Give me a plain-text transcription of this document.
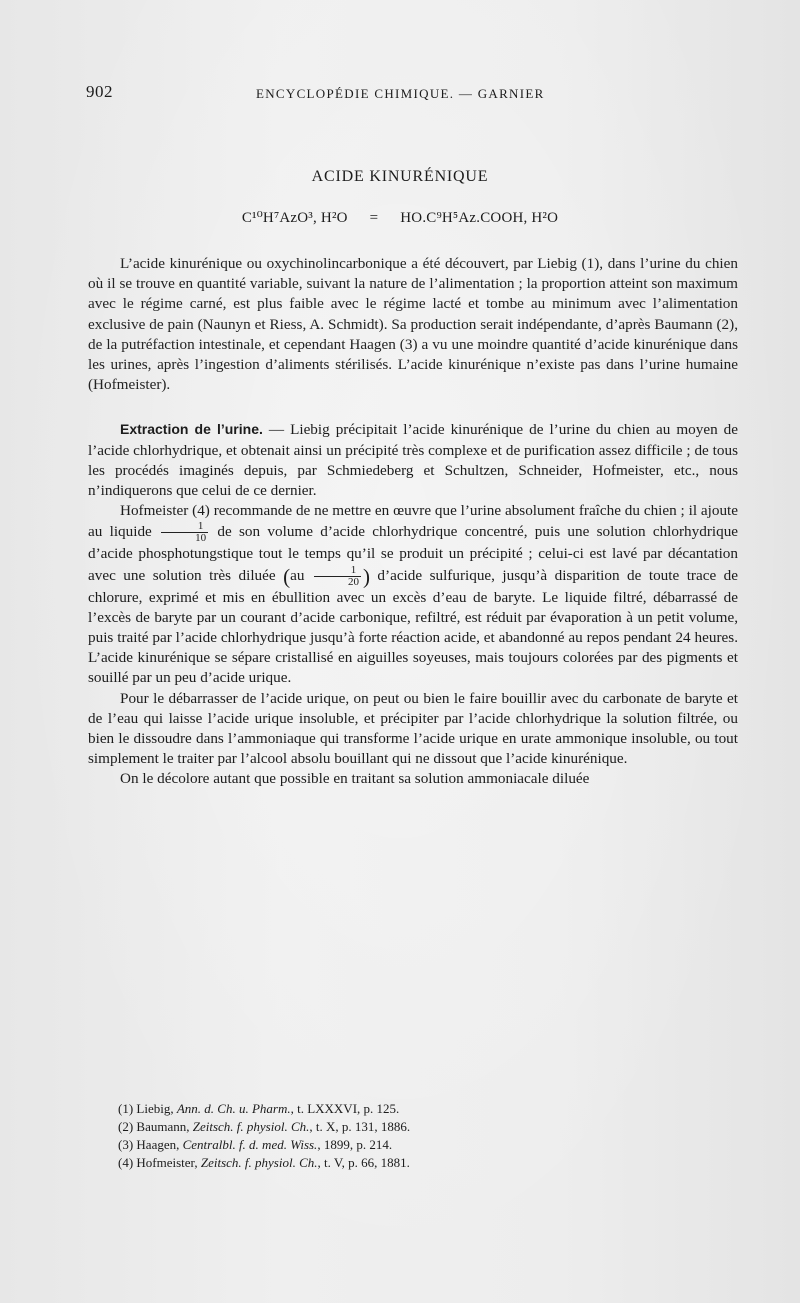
902	ENCYCLOPÉDIE CHIMIQUE. — GARNIER
ACIDE KINURÉNIQUE
C¹⁰H⁷AzO³, H²O = HO.C⁹H⁵Az.COOH, H²O

L’acide kinurénique ou oxychinolincarbonique a été découvert, par Liebig (1), dans l’urine du chien où il se trouve en quantité variable, suivant la nature de l’alimentation ; la proportion atteint son maximum avec le régime carné, est plus faible avec le régime lacté et tombe au minimum avec l’alimentation exclusive de pain (Naunyn et Riess, A. Schmidt). Sa production serait indépendante, d’après Baumann (2), de la putréfaction intestinale, et cependant Haagen (3) a vu une moindre quantité d’acide kinurénique dans les urines, après l’ingestion d’aliments stérilisés. L’acide kinurénique n’existe pas dans l’urine humaine (Hofmeister).

Extraction de l’urine. — Liebig précipitait l’acide kinurénique de l’urine du chien au moyen de l’acide chlorhydrique, et obtenait ainsi un précipité très complexe et de purification assez difficile ; de tous les procédés imaginés depuis, par Schmiedeberg et Schultzen, Schneider, Hofmeister, etc., nous n’indiquerons que celui de ce dernier.

Hofmeister (4) recommande de ne mettre en œuvre que l’urine absolument fraîche du chien ; il ajoute au liquide $\frac{1}{10}$ de son volume d’acide chlorhydrique concentré, puis une solution chlorhydrique d’acide phosphotungstique tout le temps qu’il se produit un précipité ; celui-ci est lavé par décantation avec une solution très diluée ($au \frac{1}{20}$ ) d’acide sulfurique, jusqu’à disparition de toute trace de chlorure, exprimé et mis en ébullition avec un excès d’eau de baryte. Le liquide filtré, débarrassé de l’excès de baryte par un courant d’acide carbonique, refiltré, est réduit par évaporation à un petit volume, puis traité par l’acide chlorhydrique jusqu’à forte réaction acide, et abandonné au repos pendant 24 heures. L’acide kinurénique se sépare cristallisé en aiguilles soyeuses, mais toujours colorées par des pigments et souillé par un peu d’acide urique.

Pour le débarrasser de l’acide urique, on peut ou bien le faire bouillir avec du carbonate de baryte et de l’eau qui laisse l’acide urique insoluble, et précipiter par l’acide chlorhydrique la solution filtrée, ou bien le dissoudre dans l’ammoniaque qui transforme l’acide urique en urate ammonique insoluble, ou tout simplement le traiter par l’alcool absolu bouillant qui ne dissout que l’acide kinurénique.

On le décolore autant que possible en traitant sa solution ammoniacale diluée

(1) Liebig, Ann. d. Ch. u. Pharm., t. LXXXVI, p. 125.
(2) Baumann, Zeitsch. f. physiol. Ch., t. X, p. 131, 1886.
(3) Haagen, Centralbl. f. d. med. Wiss., 1899, p. 214.
(4) Hofmeister, Zeitsch. f. physiol. Ch., t. V, p. 66, 1881.
